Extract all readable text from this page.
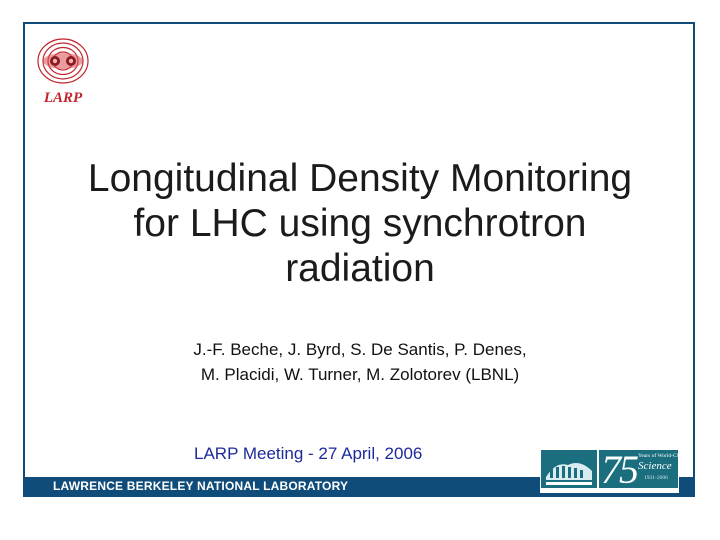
LARP
Longitudinal Density Monitoring
for LHC using synchrotron
radiation
J.-F. Beche, J. Byrd, S. De Santis, P. Denes,
M. Placidi, W. Turner, M. Zolotorev (LBNL)
LARP Meeting - 27 April, 2006
LAWRENCE BERKELEY NATIONAL LABORATORY	75 Years of World-Class
Science
1931-2006
